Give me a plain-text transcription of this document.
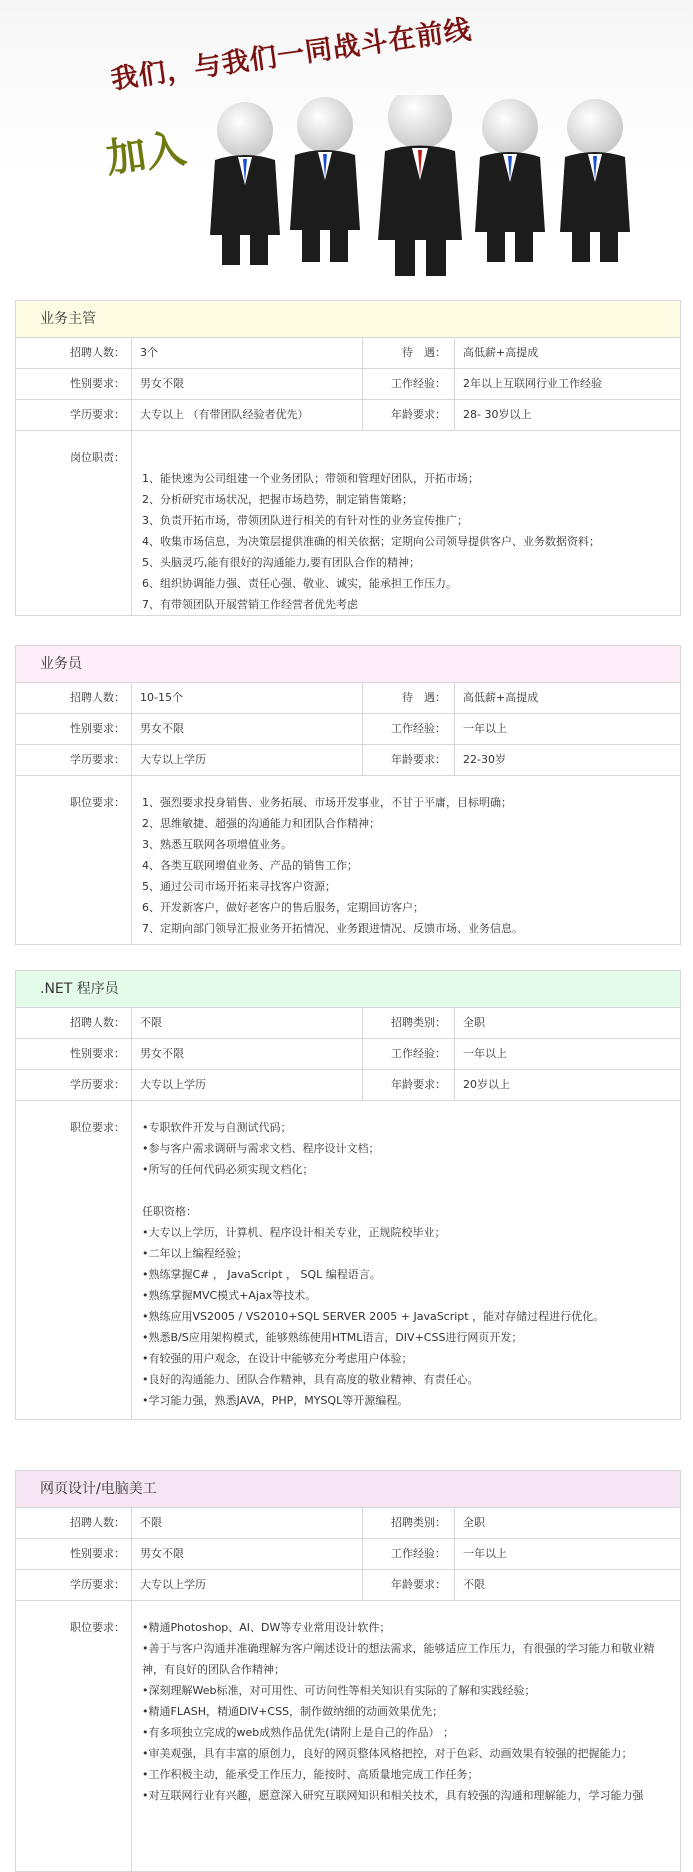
我们，与我们一同战斗在前线
加入
业务主管
招聘人数：	3个	待　遇：	高低薪+高提成
性别要求：	男女不限	工作经验：	2年以上互联网行业工作经验
学历要求：	大专以上 （有带团队经验者优先）	年龄要求：	28- 30岁以上
岗位职责：
1、能快速为公司组建一个业务团队；带领和管理好团队，开拓市场；
2、分析研究市场状况，把握市场趋势，制定销售策略；
3、负责开拓市场，带领团队进行相关的有针对性的业务宣传推广；
4、收集市场信息，为决策层提供准确的相关依据；定期向公司领导提供客户、业务数据资料；
5、头脑灵巧,能有很好的沟通能力,要有团队合作的精神；
6、组织协调能力强、责任心强、敬业、诚实，能承担工作压力。
7、有带领团队开展营销工作经营者优先考虑
业务员
招聘人数：	10-15个	待　遇：	高低薪+高提成
性别要求：	男女不限	工作经验：	一年以上
学历要求：	大专以上学历	年龄要求：	22-30岁
职位要求：	1、强烈要求投身销售、业务拓展、市场开发事业，不甘于平庸，目标明确；
2、思维敏捷、超强的沟通能力和团队合作精神；
3、熟悉互联网各项增值业务。
4、各类互联网增值业务、产品的销售工作；
5、通过公司市场开拓来寻找客户资源；
6、开发新客户，做好老客户的售后服务，定期回访客户；
7、定期向部门领导汇报业务开拓情况、业务跟进情况、反馈市场、业务信息。
.NET 程序员
招聘人数：	不限	招聘类别：	全职
性别要求：	男女不限	工作经验：	一年以上
学历要求：	大专以上学历	年龄要求：	20岁以上
职位要求：	•专职软件开发与自测试代码；
•参与客户需求调研与需求文档、程序设计文档；
•所写的任何代码必须实现文档化；
任职资格：
•大专以上学历，计算机、程序设计相关专业，正规院校毕业；
•二年以上编程经验；
•熟练掌握C# ， JavaScript ， SQL 编程语言。
•熟练掌握MVC模式+Ajax等技术。
•熟练应用VS2005 / VS2010+SQL SERVER 2005 + JavaScript ，能对存储过程进行优化。
•熟悉B/S应用架构模式，能够熟练使用HTML语言，DIV+CSS进行网页开发；
•有较强的用户观念，在设计中能够充分考虑用户体验；
•良好的沟通能力、团队合作精神，具有高度的敬业精神、有责任心。
•学习能力强，熟悉JAVA，PHP，MYSQL等开源编程。
网页设计/电脑美工
招聘人数：	不限	招聘类别：	全职
性别要求：	男女不限	工作经验：	一年以上
学历要求：	大专以上学历	年龄要求：	不限
职位要求：	•精通Photoshop、AI、DW等专业常用设计软件；
•善于与客户沟通并准确理解为客户阐述设计的想法需求，能够适应工作压力，有很强的学习能力和敬业精神，有良好的团队合作精神；
•深刻理解Web标准，对可用性、可访问性等相关知识有实际的了解和实践经验；
•精通FLASH，精通DIV+CSS，制作做纳细的动画效果优先；
•有多项独立完成的web成熟作品优先(请附上是自己的作品） ；
•审美观强，具有丰富的原创力，良好的网页整体风格把控，对于色彩、动画效果有较强的把握能力；
•工作积极主动，能承受工作压力，能按时、高质量地完成工作任务；
•对互联网行业有兴趣，愿意深入研究互联网知识和相关技术，具有较强的沟通和理解能力，学习能力强
